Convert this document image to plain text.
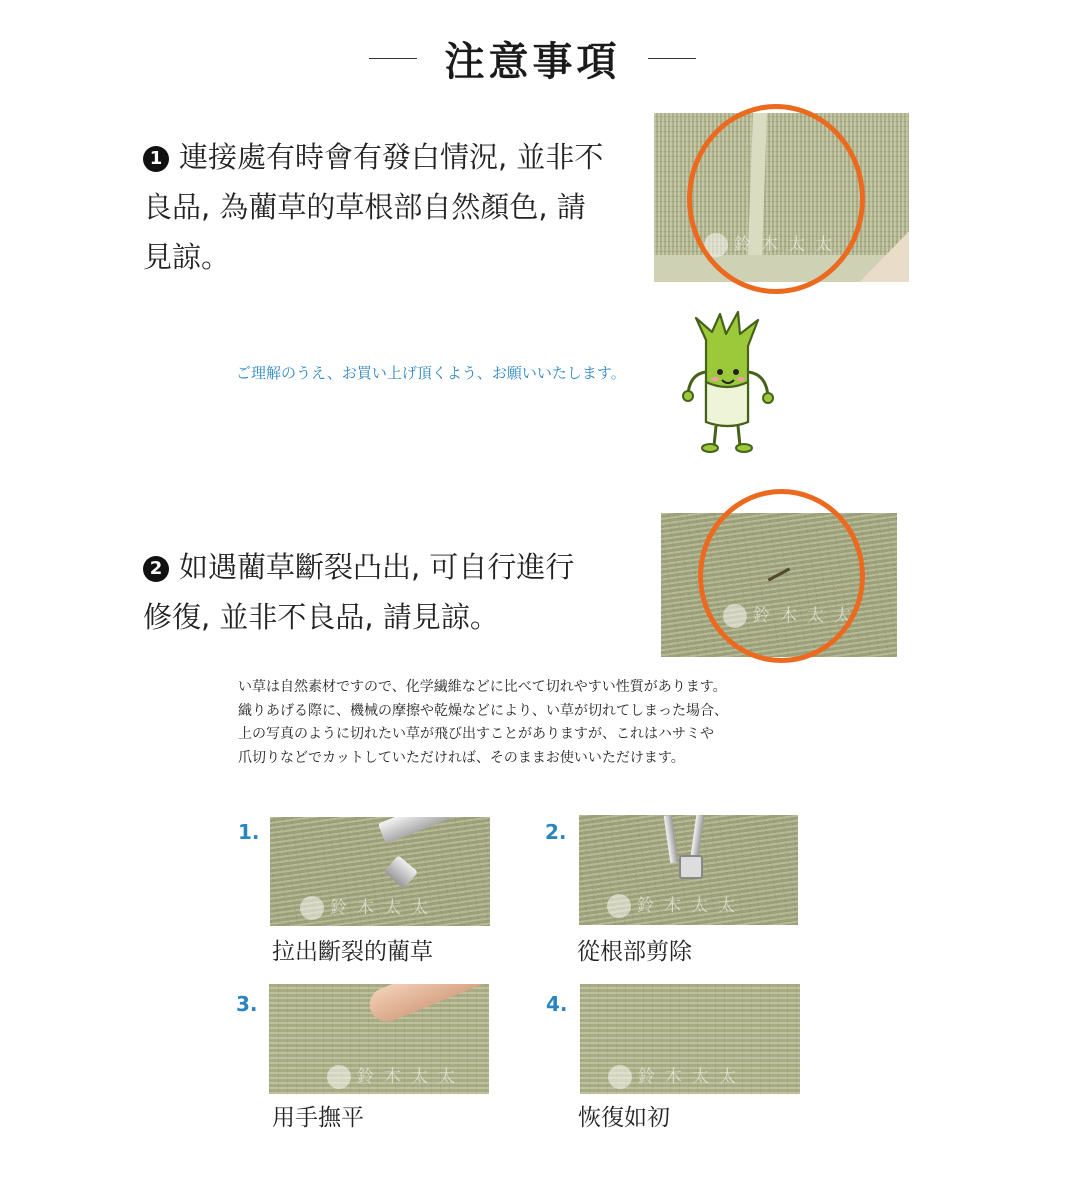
注意事項
1 連接處有時會有發白情況, 並非不
良品, 為藺草的草根部自然顏色, 請
見諒。	鈴木太太
ご理解のうえ、お買い上げ頂くよう、お願いいたします。
2 如遇藺草斷裂凸出, 可自行進行
修復, 並非不良品, 請見諒。	鈴木太太
い草は自然素材ですので、化学繊維などに比べて切れやすい性質があります。
織りあげる際に、機械の摩擦や乾燥などにより、い草が切れてしまった場合、
上の写真のように切れたい草が飛び出すことがありますが、これはハサミや
爪切りなどでカットしていただければ、そのままお使いいただけます。
1.
鈴木太太
拉出斷裂的藺草
2.
鈴木太太
從根部剪除
3.
鈴木太太
用手撫平
4.
鈴木太太
恢復如初
